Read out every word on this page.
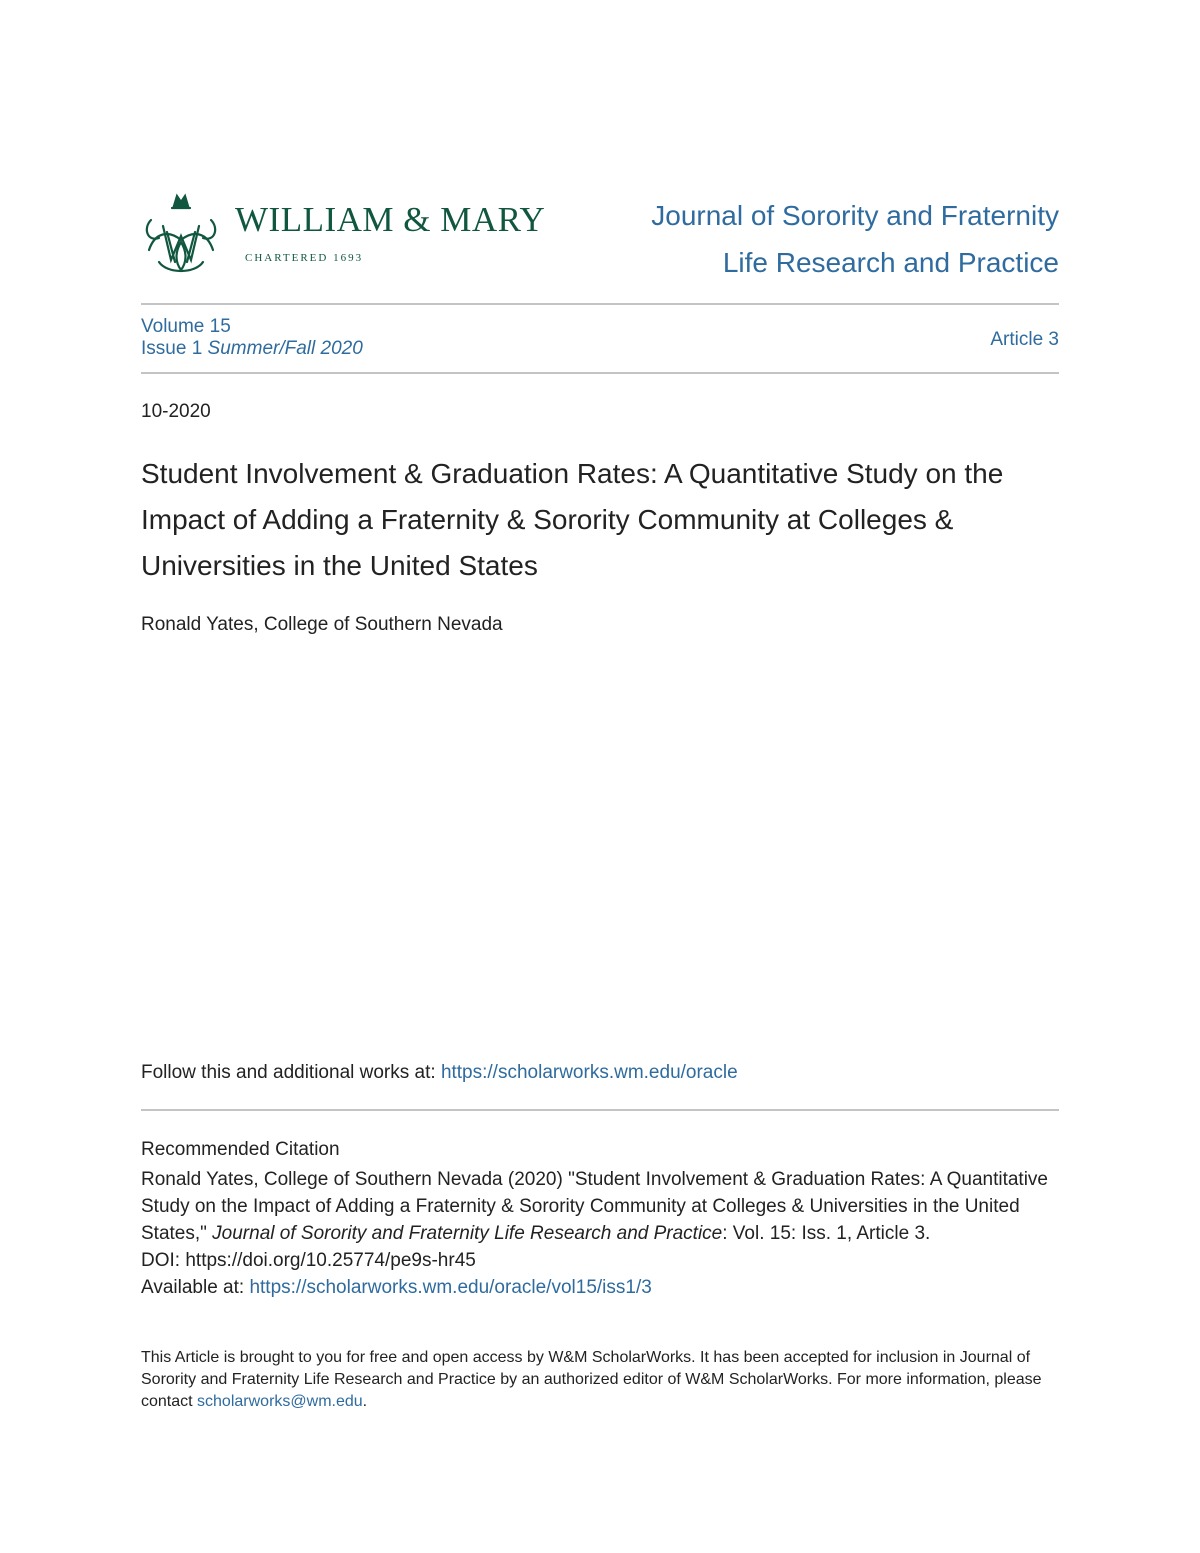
WILLIAM & MARY
CHARTERED 1693
Journal of Sorority and Fraternity
Life Research and Practice
Volume 15
Issue 1 Summer/Fall 2020	Article 3
10-2020
Student Involvement & Graduation Rates: A Quantitative Study on the Impact of Adding a Fraternity & Sorority Community at Colleges & Universities in the United States
Ronald Yates, College of Southern Nevada
Follow this and additional works at: https://scholarworks.wm.edu/oracle
Recommended Citation
Ronald Yates, College of Southern Nevada (2020) "Student Involvement & Graduation Rates: A Quantitative Study on the Impact of Adding a Fraternity & Sorority Community at Colleges & Universities in the United States," Journal of Sorority and Fraternity Life Research and Practice: Vol. 15: Iss. 1, Article 3.
DOI: https://doi.org/10.25774/pe9s-hr45
Available at: https://scholarworks.wm.edu/oracle/vol15/iss1/3
This Article is brought to you for free and open access by W&M ScholarWorks. It has been accepted for inclusion in Journal of Sorority and Fraternity Life Research and Practice by an authorized editor of W&M ScholarWorks. For more information, please contact scholarworks@wm.edu.
